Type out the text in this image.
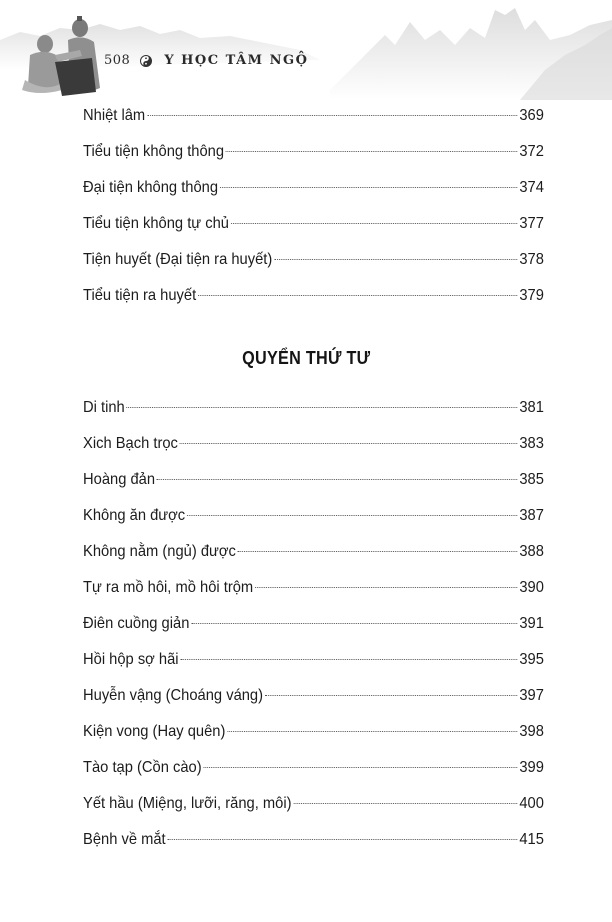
508	Y HỌC TÂM NGỘ
Nhiệt lâm	369
Tiểu tiện không thông	372
Đại tiện không thông	374
Tiểu tiện không tự chủ	377
Tiện huyết (Đại tiện ra huyết)	378
Tiểu tiện ra huyết	379
QUYỂN THỨ TƯ
Di tinh	381
Xich Bạch trọc	383
Hoàng đản	385
Không ăn được	387
Không nằm (ngủ) được	388
Tự ra mồ hôi, mồ hôi trộm	390
Điên cuồng giản	391
Hồi hộp sợ hãi	395
Huyễn vậng (Choáng váng)	397
Kiện vong (Hay quên)	398
Tào tạp (Cồn cào)	399
Yết hầu (Miệng, lưỡi, răng, môi)	400
Bệnh về mắt	415
